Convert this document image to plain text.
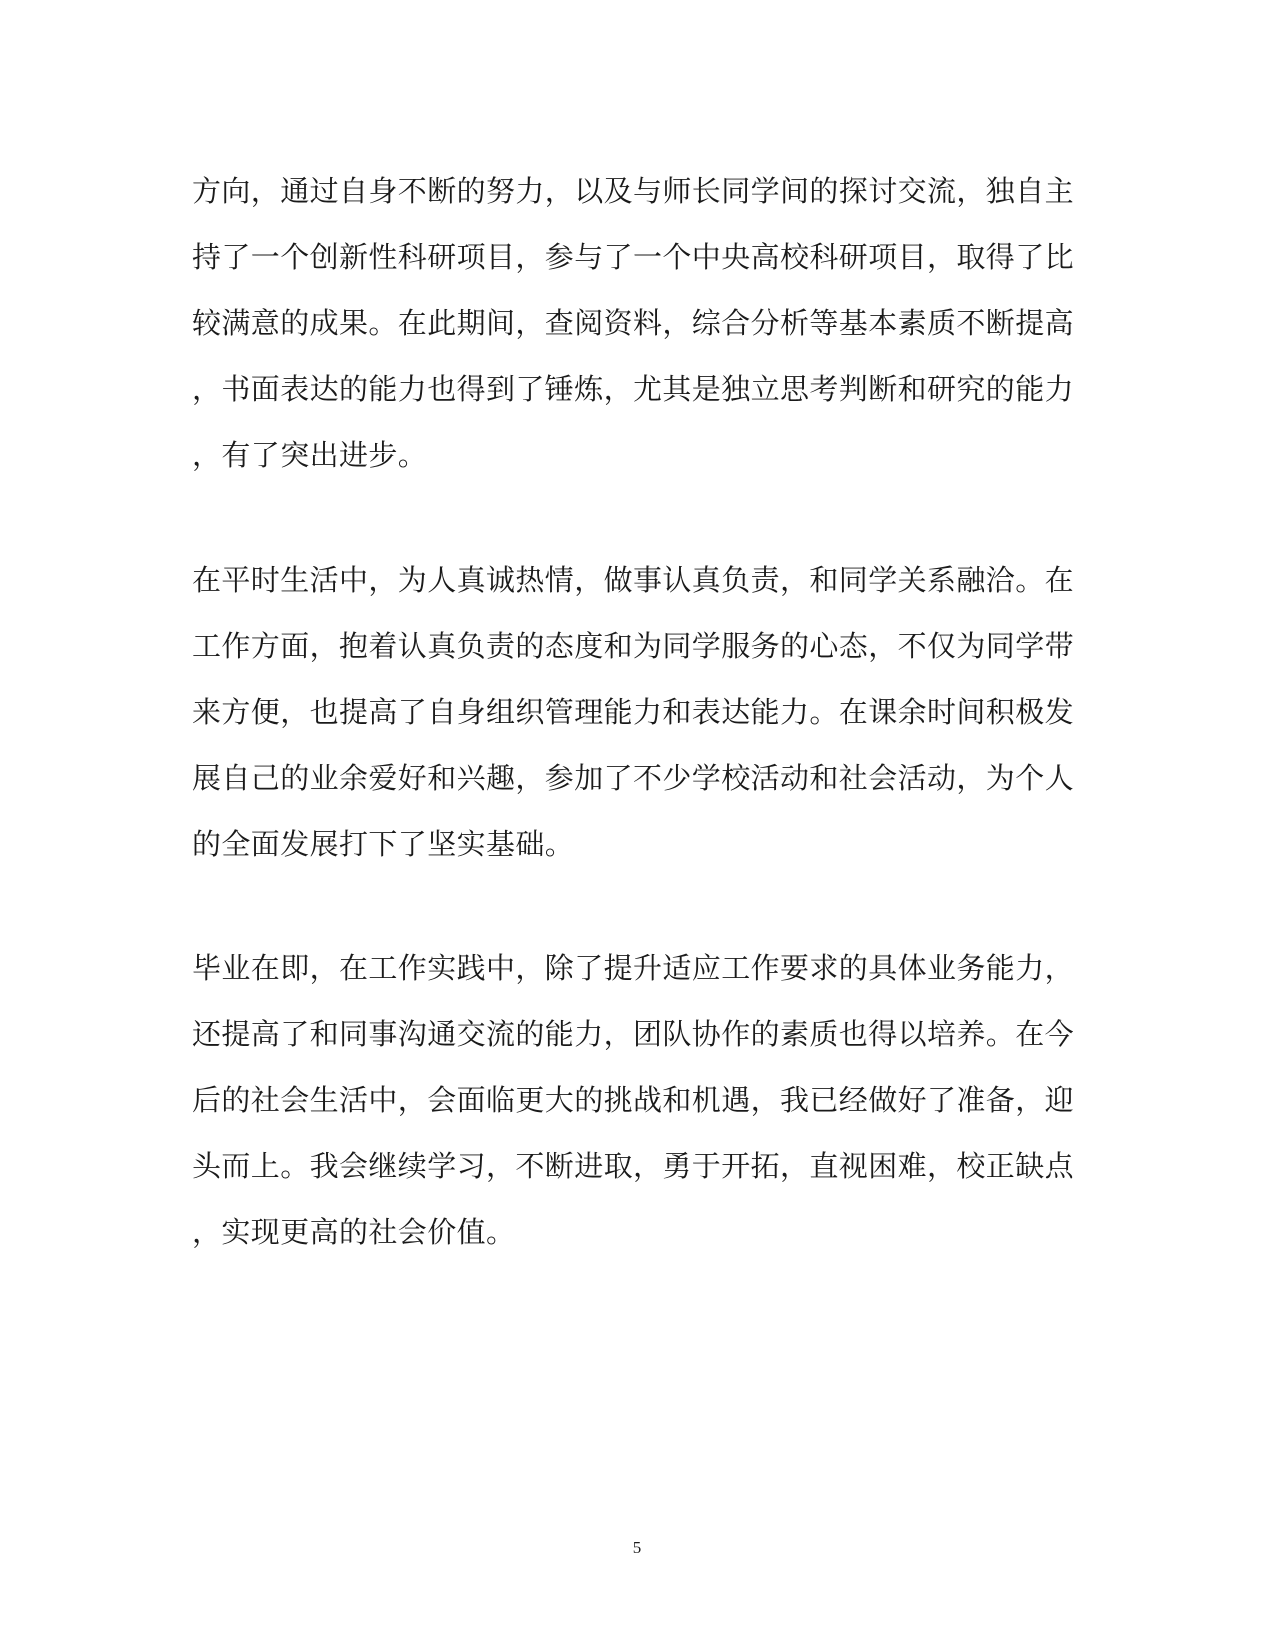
方向，通过自身不断的努力，以及与师长同学间的探讨交流，独自主
持了一个创新性科研项目，参与了一个中央高校科研项目，取得了比
较满意的成果。在此期间，查阅资料，综合分析等基本素质不断提高
，书面表达的能力也得到了锤炼，尤其是独立思考判断和研究的能力
，有了突出进步。
在平时生活中，为人真诚热情，做事认真负责，和同学关系融洽。在
工作方面，抱着认真负责的态度和为同学服务的心态，不仅为同学带
来方便，也提高了自身组织管理能力和表达能力。在课余时间积极发
展自己的业余爱好和兴趣，参加了不少学校活动和社会活动，为个人
的全面发展打下了坚实基础。
毕业在即，在工作实践中，除了提升适应工作要求的具体业务能力，
还提高了和同事沟通交流的能力，团队协作的素质也得以培养。在今
后的社会生活中，会面临更大的挑战和机遇，我已经做好了准备，迎
头而上。我会继续学习，不断进取，勇于开拓，直视困难，校正缺点
，实现更高的社会价值。
5
